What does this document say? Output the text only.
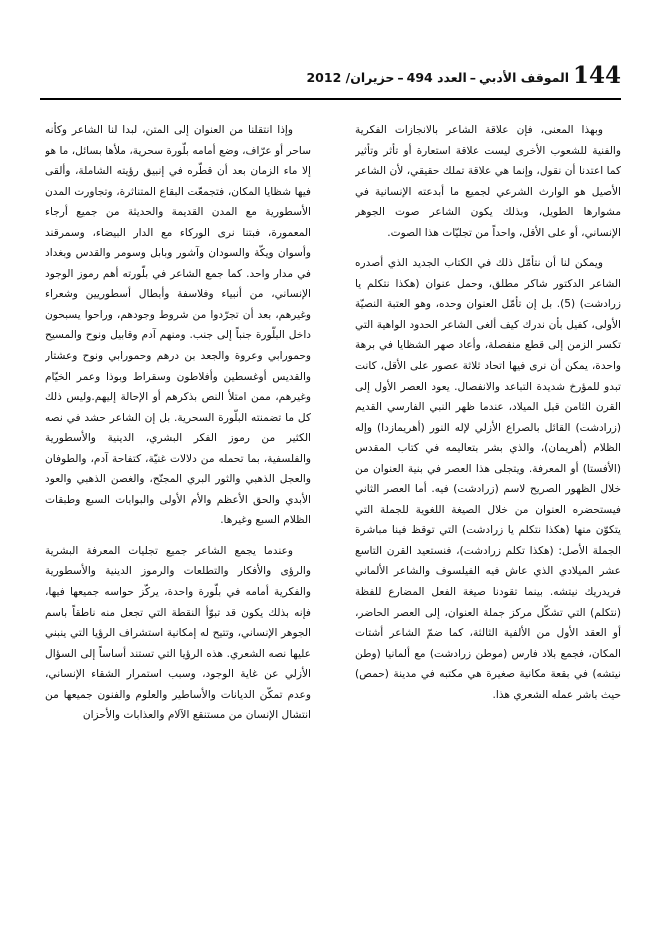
144
الموقف الأدبي–العدد 494–حزيران/ 2012

وبهذا المعنى، فإن علاقة الشاعر بالانجازات الفكرية والفنية للشعوب الأخرى ليست علاقة استعارة أو تأثر وتأثير كما اعتدنا أن نقول، وإنما هي علاقة تملك حقيقي، لأن الشاعر الأصيل هو الوارث الشرعي لجميع ما أبدعته الإنسانية في مشوارها الطويل، وبذلك يكون الشاعر صوت الجوهر الإنساني، أو على الأقل، واحداً من تجليّات هذا الصوت.

ويمكن لنا أن نتأمّل ذلك في الكتاب الجديد الذي أصدره الشاعر الدكتور شاكر مطلق، وحمل عنوان (هكذا نتكلم يا زرادشت) (5). بل إن تأمّل العنوان وحده، وهو العتبة النصيّة الأولى، كفيل بأن ندرك كيف ألغى الشاعر الحدود الواهية التي تكسر الزمن إلى قطع منفصلة، وأعاد صهر الشظايا في برهة واحدة، يمكن أن نرى فيها اتحاد ثلاثة عصور على الأقل، كانت تبدو للمؤرخ شديدة التباعد والانفصال. يعود العصر الأول إلى القرن الثامن قبل الميلاد، عندما ظهر النبي الفارسي القديم (زرادشت) القائل بالصراع الأزلي لإله النور (أهريمازدا) وإله الظلام (أهريمان)، والذي بشر بتعاليمه في كتاب المقدس (الأفستا) أو المعرفة. ويتجلى هذا العصر في بنية العنوان من خلال الظهور الصريح لاسم (زرادشت) فيه. أما العصر الثاني فيستحضره العنوان من خلال الصيغة اللغوية للجملة التي يتكوّن منها (هكذا نتكلم يا زرادشت) التي توقظ فينا مباشرة الجملة الأصل: (هكذا تكلم زرادشت)، فنستعيد القرن التاسع عشر الميلادي الذي عاش فيه الفيلسوف والشاعر الألماني فريدريك نيتشه. بينما تقودنا صيغة الفعل المضارع للفظة (نتكلم) التي تشكّل مركز جملة العنوان، إلى العصر الحاضر، أو العقد الأول من الألفية الثالثة، كما ضمّ الشاعر أشتات المكان، فجمع بلاد فارس (موطن زرادشت) مع ألمانيا (وطن نيتشه) في بقعة مكانية صغيرة هي مكتبه في مدينة (حمص) حيث باشر عمله الشعري هذا.

وإذا انتقلنا من العنوان إلى المتن، لبدا لنا الشاعر وكأنه ساحر أو عرّاف، وضع أمامه بلّورة سحرية، ملأها بسائل، ما هو إلا ماء الزمان بعد أن قطّره في إنبيق رؤيته الشاملة، وألقى فيها شظايا المكان، فتجمعّت البقاع المتناثرة، وتجاورت المدن الأسطورية مع المدن القديمة والحديثة من جميع أرجاء المعمورة، فبتنا نرى الوركاء مع الدار البيضاء، وسمرقند وأسوان ويكّة والسودان وآشور وبابل وسومر والقدس وبغداد في مدار واحد. كما جمع الشاعر في بلّورته أهم رموز الوجود الإنساني، من أنبياء وفلاسفة وأبطال أسطوريين وشعراء وغيرهم، بعد أن تجرّدوا من شروط وجودهم، وراحوا يسبحون داخل البلّورة جنباً إلى جنب. ومنهم آدم وقابيل ونوح والمسيح وحمورابي وعروة والجعد بن درهم وحمورابي ونوح وعشتار والقديس أوغسطين وأفلاطون وسقراط وبوذا وعمر الخيّام وغيرهم، ممن امتلأ النص بذكرهم أو الإحالة إليهم.وليس ذلك كل ما تضمنته البلّورة السحرية. بل إن الشاعر حشد في نصه الكثير من رموز الفكر البشري، الدينية والأسطورية والفلسفية، بما تحمله من دلالات غنيّة، كتفاحة آدم، والطوفان والعجل الذهبي والثور البري المجنّح، والغصن الذهبي والعود الأبدي والحق الأعظم والأم الأولى والبوابات السبع وطبقات الظلام السبع وغيرها.

وعندما يجمع الشاعر جميع تجليات المعرفة البشرية والرؤى والأفكار والتطلعات والرموز الدينية والأسطورية والفكرية أمامه في بلّورة واحدة، يركّز حواسه جميعها فيها، فإنه بذلك يكون قد تبوّأ النقطة التي تجعل منه ناطقاً باسم الجوهر الإنساني، وتتيح له إمكانية استشراف الرؤيا التي ينبني عليها نصه الشعري. هذه الرؤيا التي تستند أساساً إلى السؤال الأزلي عن غاية الوجود، وسبب استمرار الشقاء الإنساني، وعدم تمكّن الديانات والأساطير والعلوم والفنون جميعها من انتشال الإنسان من مستنقع الآلام والعذابات والأحزان
